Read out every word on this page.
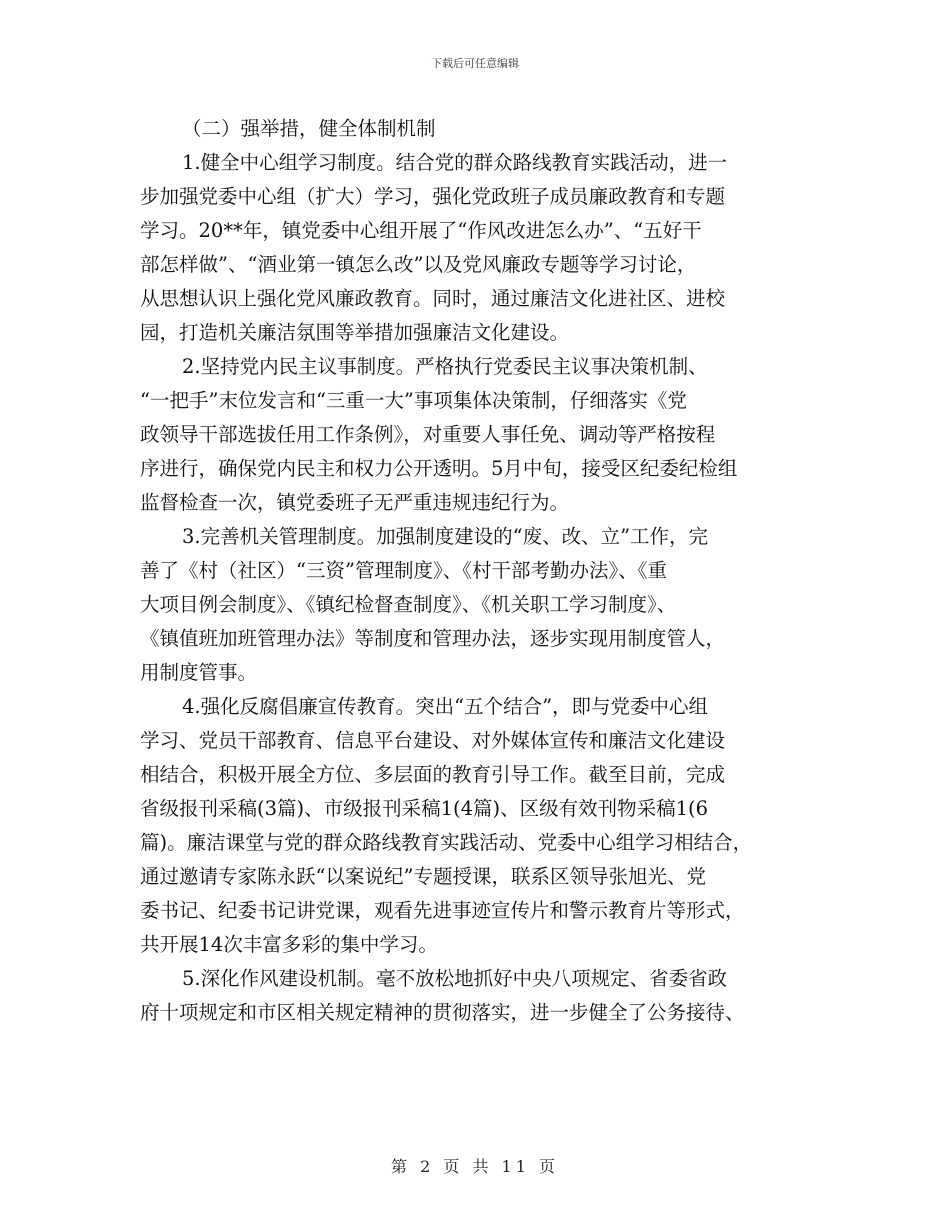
下载后可任意编辑

（二）强举措，健全体制机制

1.健全中心组学习制度。结合党的群众路线教育实践活动，进一
步加强党委中心组（扩大）学习，强化党政班子成员廉政教育和专题
学习。20**年，镇党委中心组开展了“作风改进怎么办”、“五好干
部怎样做”、“酒业第一镇怎么改”以及党风廉政专题等学习讨论，
从思想认识上强化党风廉政教育。同时，通过廉洁文化进社区、进校
园，打造机关廉洁氛围等举措加强廉洁文化建设。
2.坚持党内民主议事制度。严格执行党委民主议事决策机制、
“一把手”末位发言和“三重一大”事项集体决策制，仔细落实《党
政领导干部选拔任用工作条例》，对重要人事任免、调动等严格按程
序进行，确保党内民主和权力公开透明。5月中旬，接受区纪委纪检组
监督检查一次，镇党委班子无严重违规违纪行为。
3.完善机关管理制度。加强制度建设的“废、改、立”工作，完
善了《村（社区）“三资”管理制度》、《村干部考勤办法》、《重
大项目例会制度》、《镇纪检督查制度》、《机关职工学习制度》、
《镇值班加班管理办法》等制度和管理办法，逐步实现用制度管人，
用制度管事。
4.强化反腐倡廉宣传教育。突出“五个结合”，即与党委中心组
学习、党员干部教育、信息平台建设、对外媒体宣传和廉洁文化建设
相结合，积极开展全方位、多层面的教育引导工作。截至目前，完成
省级报刊采稿(3篇)、市级报刊采稿1(4篇)、区级有效刊物采稿1(6
篇)。廉洁课堂与党的群众路线教育实践活动、党委中心组学习相结合，
通过邀请专家陈永跃“以案说纪”专题授课，联系区领导张旭光、党
委书记、纪委书记讲党课，观看先进事迹宣传片和警示教育片等形式，
共开展14次丰富多彩的集中学习。
5.深化作风建设机制。毫不放松地抓好中央八项规定、省委省政
府十项规定和市区相关规定精神的贯彻落实，进一步健全了公务接待、
第 2 页 共 11 页
